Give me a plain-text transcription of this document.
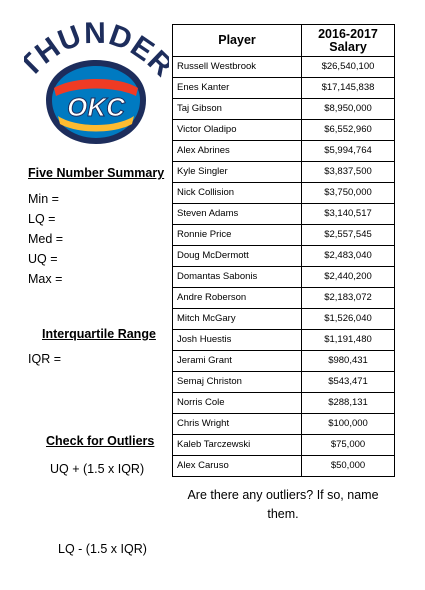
HUNDE
OKC
Five Number Summary
Min =
LQ =
Med =
UQ =
Max =
Interquartile Range
IQR =
Check for Outliers
UQ + (1.5 x IQR)
LQ - (1.5 x IQR)
Player	2016-2017 Salary
Russell Westbrook	$26,540,100
Enes Kanter	$17,145,838
Taj Gibson	$8,950,000
Victor Oladipo	$6,552,960
Alex Abrines	$5,994,764
Kyle Singler	$3,837,500
Nick Collision	$3,750,000
Steven Adams	$3,140,517
Ronnie Price	$2,557,545
Doug McDermott	$2,483,040
Domantas Sabonis	$2,440,200
Andre Roberson	$2,183,072
Mitch McGary	$1,526,040
Josh Huestis	$1,191,480
Jerami Grant	$980,431
Semaj Christon	$543,471
Norris Cole	$288,131
Chris Wright	$100,000
Kaleb Tarczewski	$75,000
Alex Caruso	$50,000
Are there any outliers? If so, name them.
